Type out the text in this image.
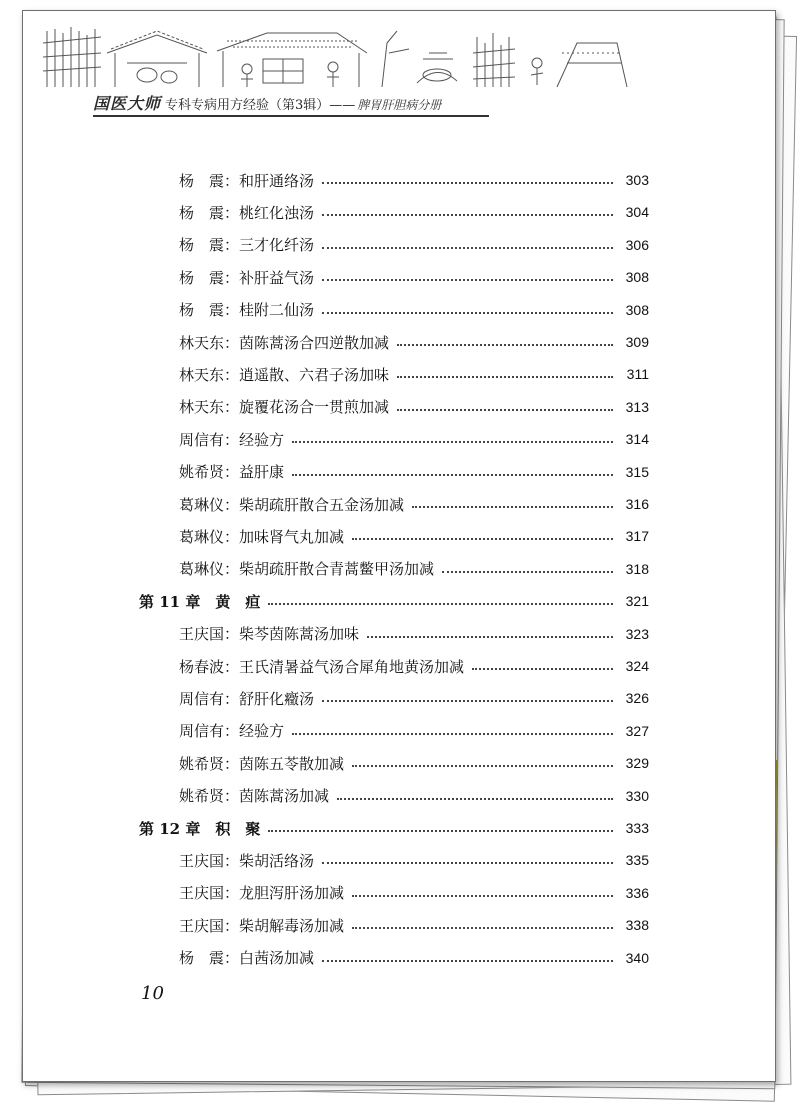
国医大师 专科专病用方经验（第3辑）—— 脾胃肝胆病分册
杨　震： 和肝通络汤	303
杨　震： 桃红化浊汤	304
杨　震： 三才化纤汤	306
杨　震： 补肝益气汤	308
杨　震： 桂附二仙汤	308
林天东： 茵陈蒿汤合四逆散加减	309
林天东： 逍遥散、六君子汤加味	311
林天东： 旋覆花汤合一贯煎加减	313
周信有： 经验方	314
姚希贤： 益肝康	315
葛琳仪： 柴胡疏肝散合五金汤加减	316
葛琳仪： 加味肾气丸加减	317
葛琳仪： 柴胡疏肝散合青蒿鳖甲汤加减	318
第 11 章　黄　疸	321
王庆国： 柴芩茵陈蒿汤加味	323
杨春波： 王氏清暑益气汤合犀角地黄汤加减	324
周信有： 舒肝化癥汤	326
周信有： 经验方	327
姚希贤： 茵陈五苓散加减	329
姚希贤： 茵陈蒿汤加减	330
第 12 章　积　聚	333
王庆国： 柴胡活络汤	335
王庆国： 龙胆泻肝汤加减	336
王庆国： 柴胡解毒汤加减	338
杨　震： 白茜汤加减	340
10
